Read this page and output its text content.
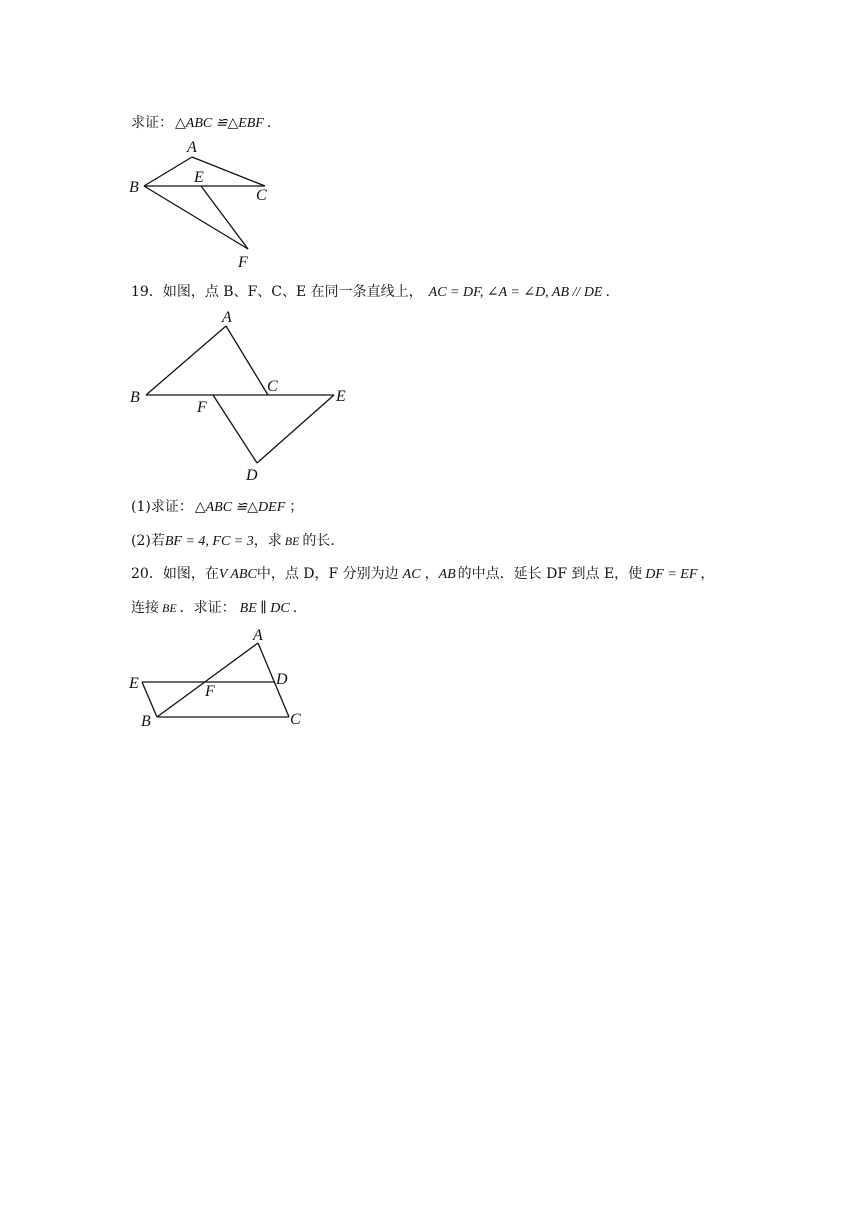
求证： △ABC ≌△EBF .
A
B
E
C
F
19．如图，点 B、F、C、E 在同一条直线上， AC = DF, ∠A = ∠D, AB // DE .
A
B
C
E
F
D
(1)求证： △ABC ≌△DEF ；
(2)若BF = 4, FC = 3，求 BE 的长.
20．如图，在V ABC中，点 D，F 分别为边 AC ，AB 的中点．延长 DF 到点 E，使 DF = EF ，
连接 BE ．求证： BE ∥ DC .
A
E	F
D
B	C
